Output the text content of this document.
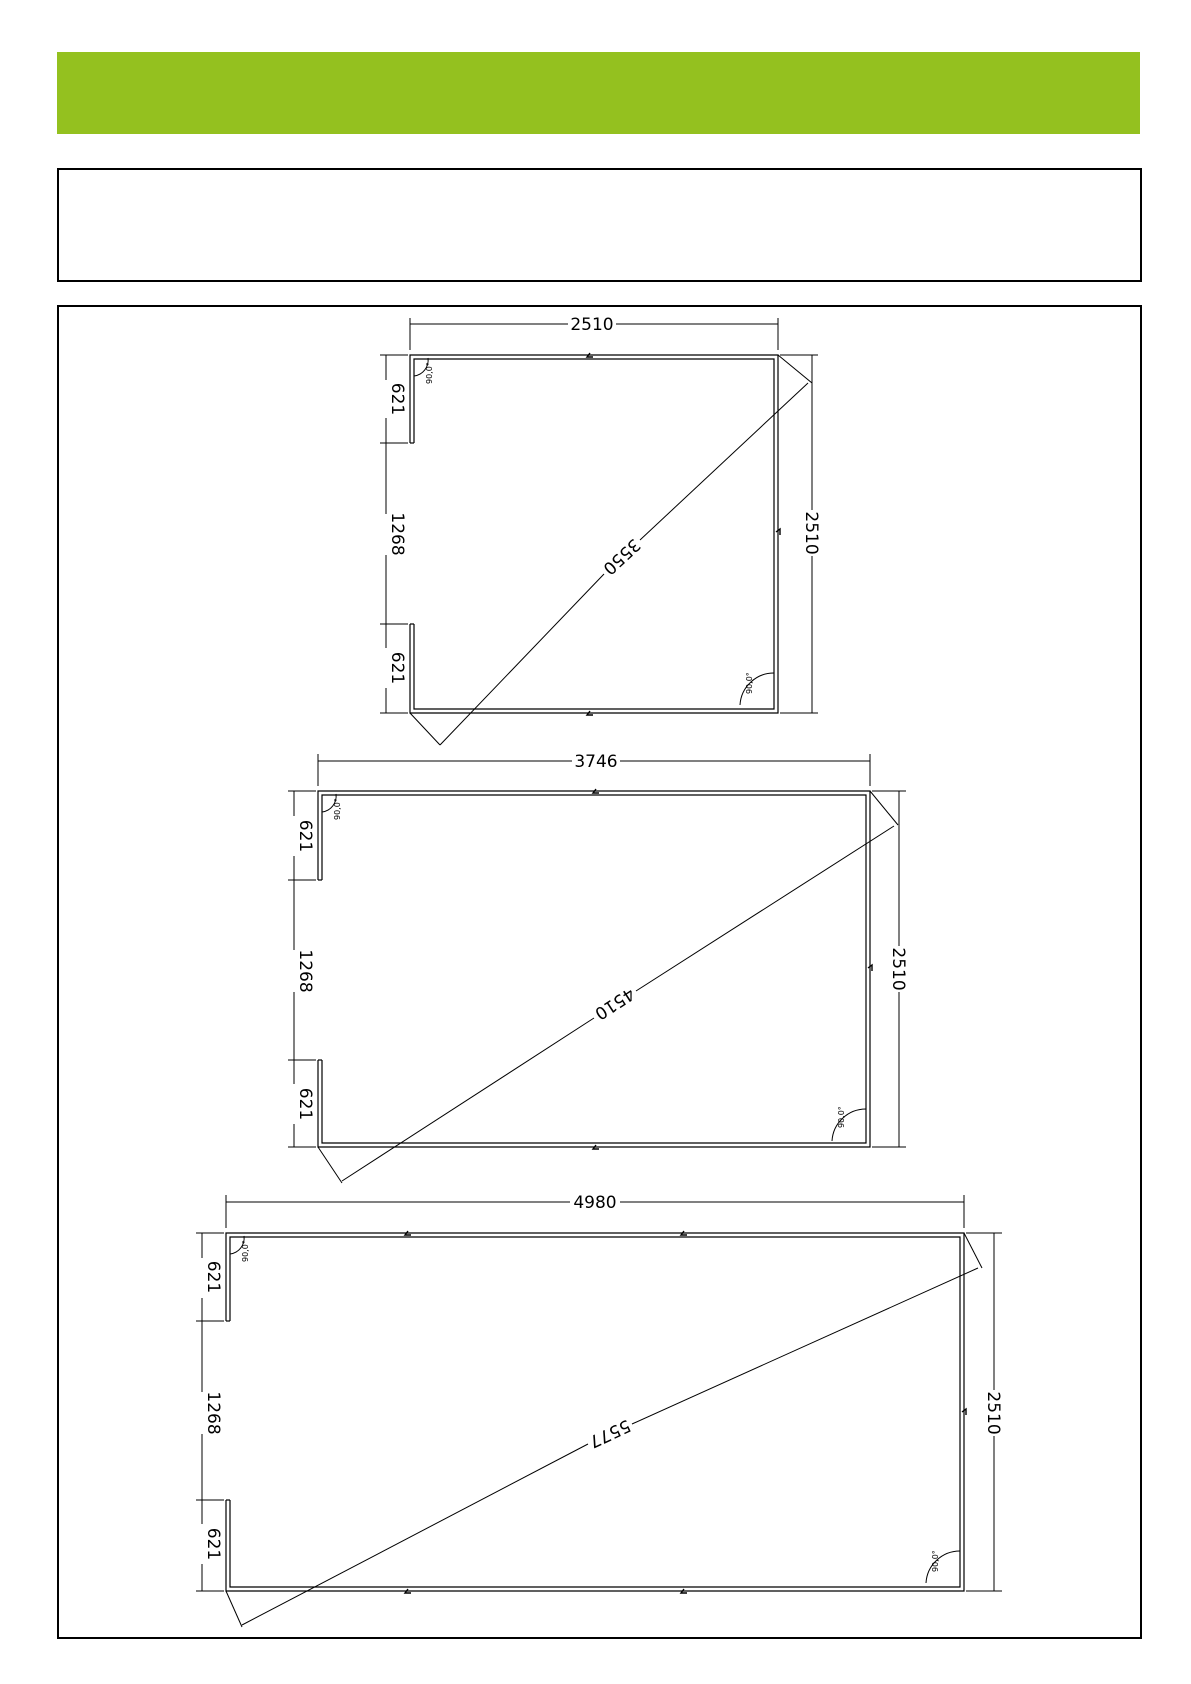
2510
2510
621
1268
621
3550
90,0°
90,0°
3746
2510
621
1268
621
4510
90,0°
90,0°
4980
2510
621
1268
621
5577
90,0°
90,0°
